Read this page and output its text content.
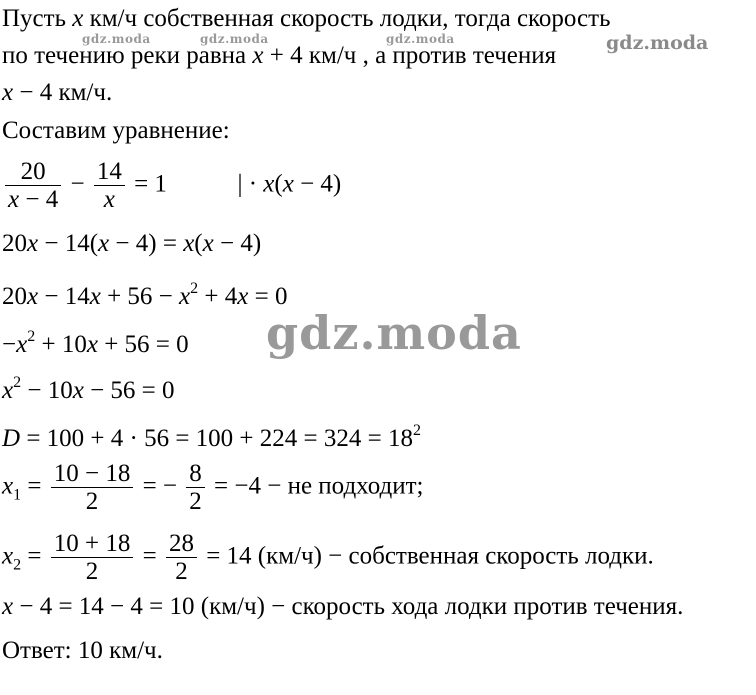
Пусть x км/ч собственная скорость лодки, тогда скорость
по течению реки равна x + 4 км/ч , а против течения
x − 4 км/ч.
Составим уравнение:
$\frac{20}{x - 4} - \frac{14}{x} = 1$	| · x(x − 4)
20x − 14(x − 4) = x(x − 4)
$20x - 14x + 56 - x^2 + 4x = 0$
$-x^2 + 10x + 56 = 0$
$x^2 - 10x - 56 = 0$
$D = 100 + 4 \cdot 56 = 100 + 224 = 324 = 18^2$
$x_1 = \frac{10 - 18}{2}$ = − $\frac{8}{2} = -4$ − не подходит;
$x_2 = \frac{10 + 18}{2} = \frac{28}{2} = 14$ (км/ч) − собственная скорость лодки.
x − 4 = 14 − 4 = 10 (км/ч) − скорость хода лодки против течения.
Ответ: 10 км/ч.
gdz.moda	gdz.moda	gdz.moda	gdz.moda
gdz.moda
